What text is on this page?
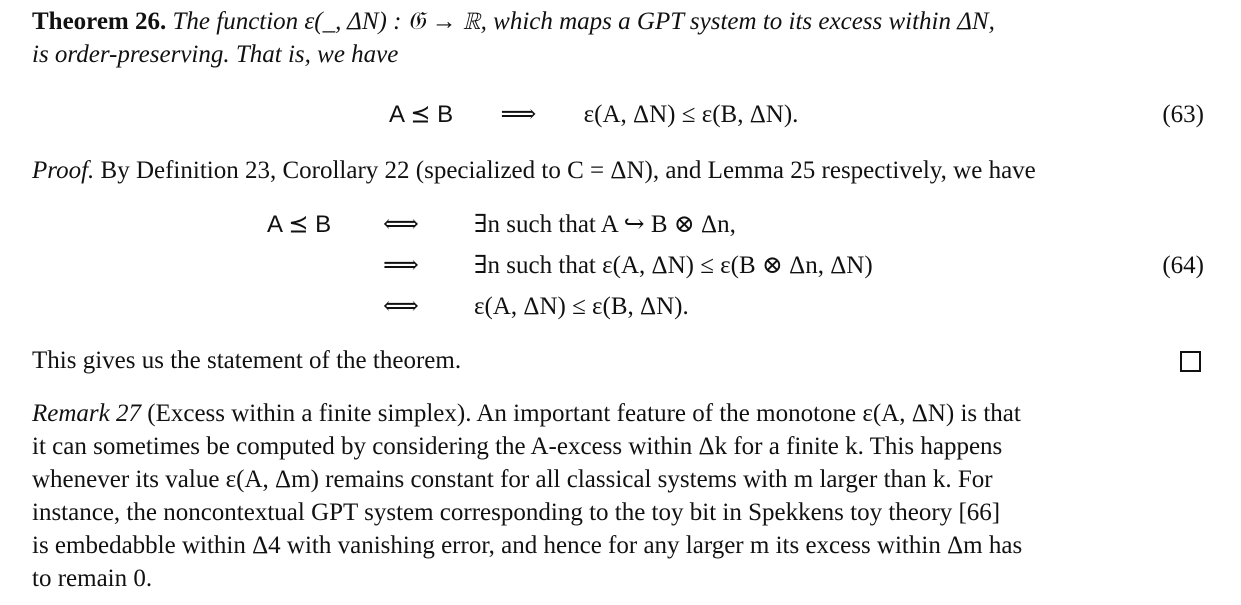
Theorem 26. The function ε(_, ΔN) : 𝔊 → ℝ, which maps a GPT system to its excess within ΔN,

is order-preserving. That is, we have

A ⪯ B ⟹ ε(A, ΔN) ≤ ε(B, ΔN).	(63)

Proof. By Definition 23, Corollary 22 (specialized to C = ΔN), and Lemma 25 respectively, we have

A ⪯ B ⟺ ∃n such that A ↪ B ⊗ Δn,
⟹ ∃n such that ε(A, ΔN) ≤ ε(B ⊗ Δn, ΔN)
⟺ ε(A, ΔN) ≤ ε(B, ΔN).
(64)

This gives us the statement of the theorem.

Remark 27 (Excess within a finite simplex). An important feature of the monotone ε(A, ΔN) is that

it can sometimes be computed by considering the A-excess within Δk for a finite k. This happens

whenever its value ε(A, Δm) remains constant for all classical systems with m larger than k. For

instance, the noncontextual GPT system corresponding to the toy bit in Spekkens toy theory [66]

is embedabble within Δ4 with vanishing error, and hence for any larger m its excess within Δm has

to remain 0.
